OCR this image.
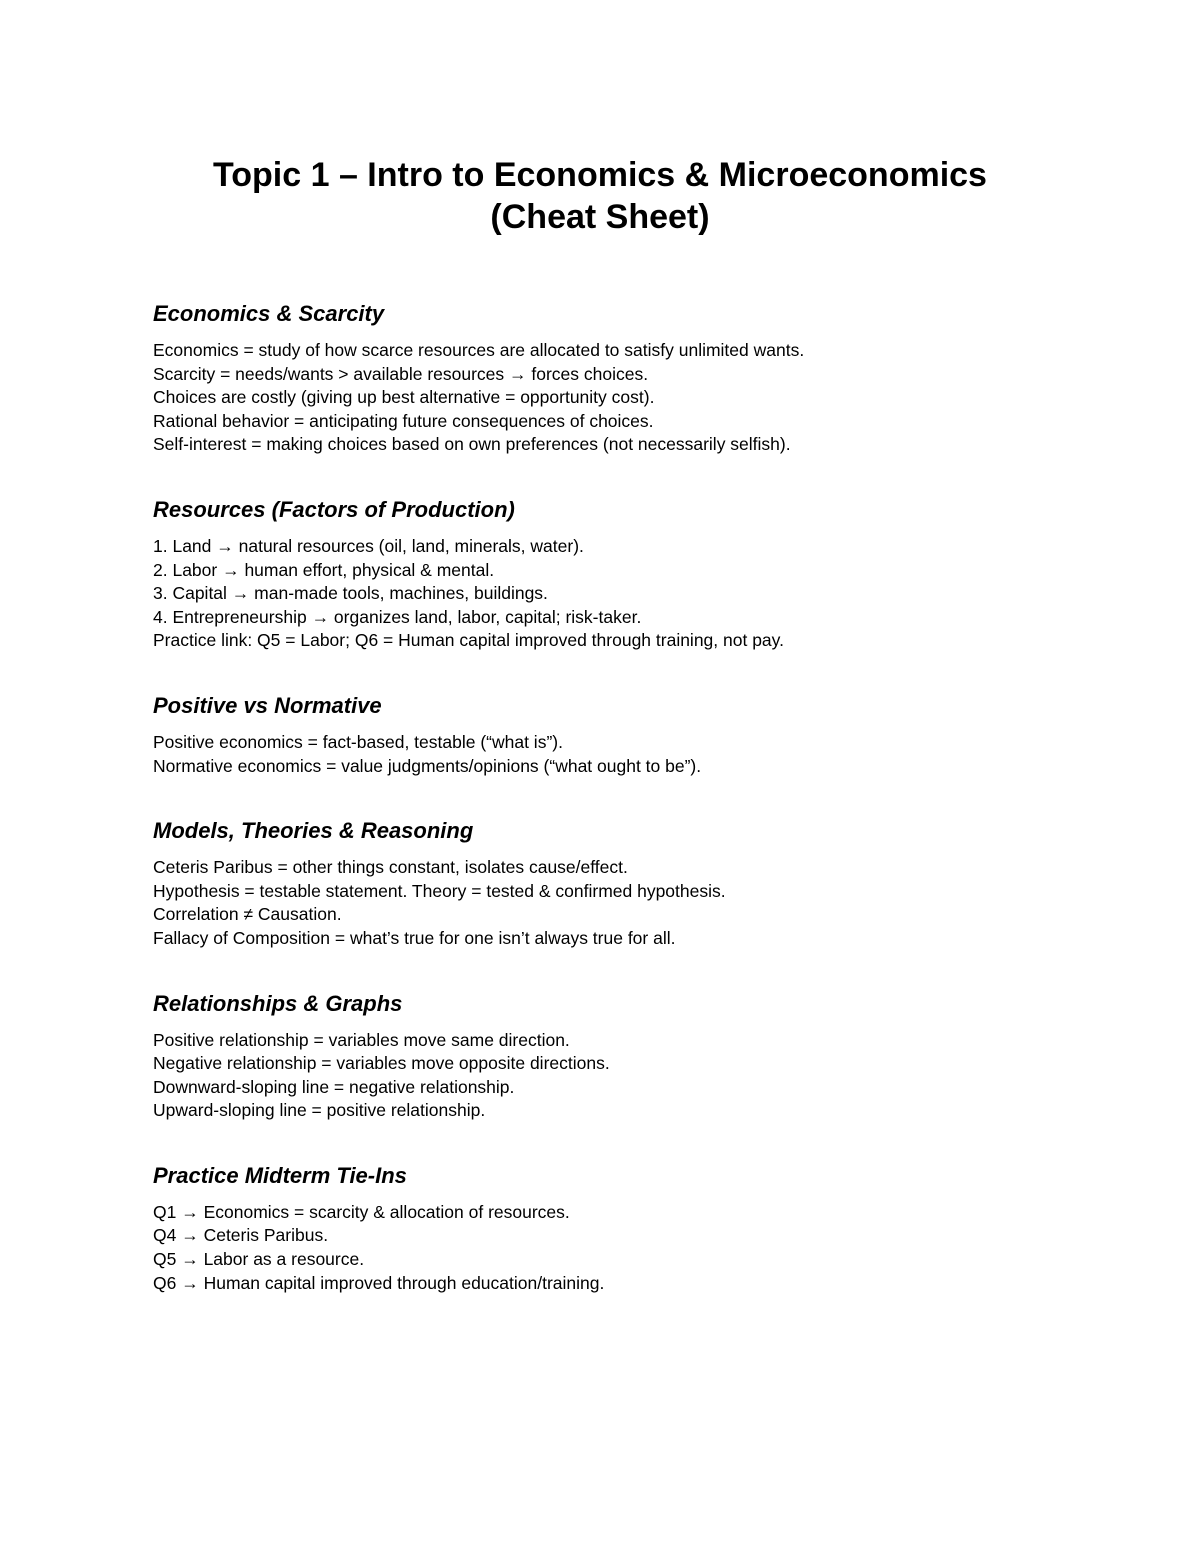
Topic 1 – Intro to Economics & Microeconomics
(Cheat Sheet)
Economics & Scarcity

Economics = study of how scarce resources are allocated to satisfy unlimited wants.

Scarcity = needs/wants > available resources → forces choices.

Choices are costly (giving up best alternative = opportunity cost).

Rational behavior = anticipating future consequences of choices.

Self-interest = making choices based on own preferences (not necessarily selfish).

Resources (Factors of Production)

1. Land → natural resources (oil, land, minerals, water).

2. Labor → human effort, physical & mental.

3. Capital → man-made tools, machines, buildings.

4. Entrepreneurship → organizes land, labor, capital; risk-taker.

Practice link: Q5 = Labor; Q6 = Human capital improved through training, not pay.

Positive vs Normative

Positive economics = fact-based, testable (“what is”).

Normative economics = value judgments/opinions (“what ought to be”).

Models, Theories & Reasoning

Ceteris Paribus = other things constant, isolates cause/effect.

Hypothesis = testable statement. Theory = tested & confirmed hypothesis.

Correlation ≠ Causation.

Fallacy of Composition = what’s true for one isn’t always true for all.

Relationships & Graphs

Positive relationship = variables move same direction.

Negative relationship = variables move opposite directions.

Downward-sloping line = negative relationship.

Upward-sloping line = positive relationship.

Practice Midterm Tie-Ins

Q1 → Economics = scarcity & allocation of resources.

Q4 → Ceteris Paribus.

Q5 → Labor as a resource.

Q6 → Human capital improved through education/training.
